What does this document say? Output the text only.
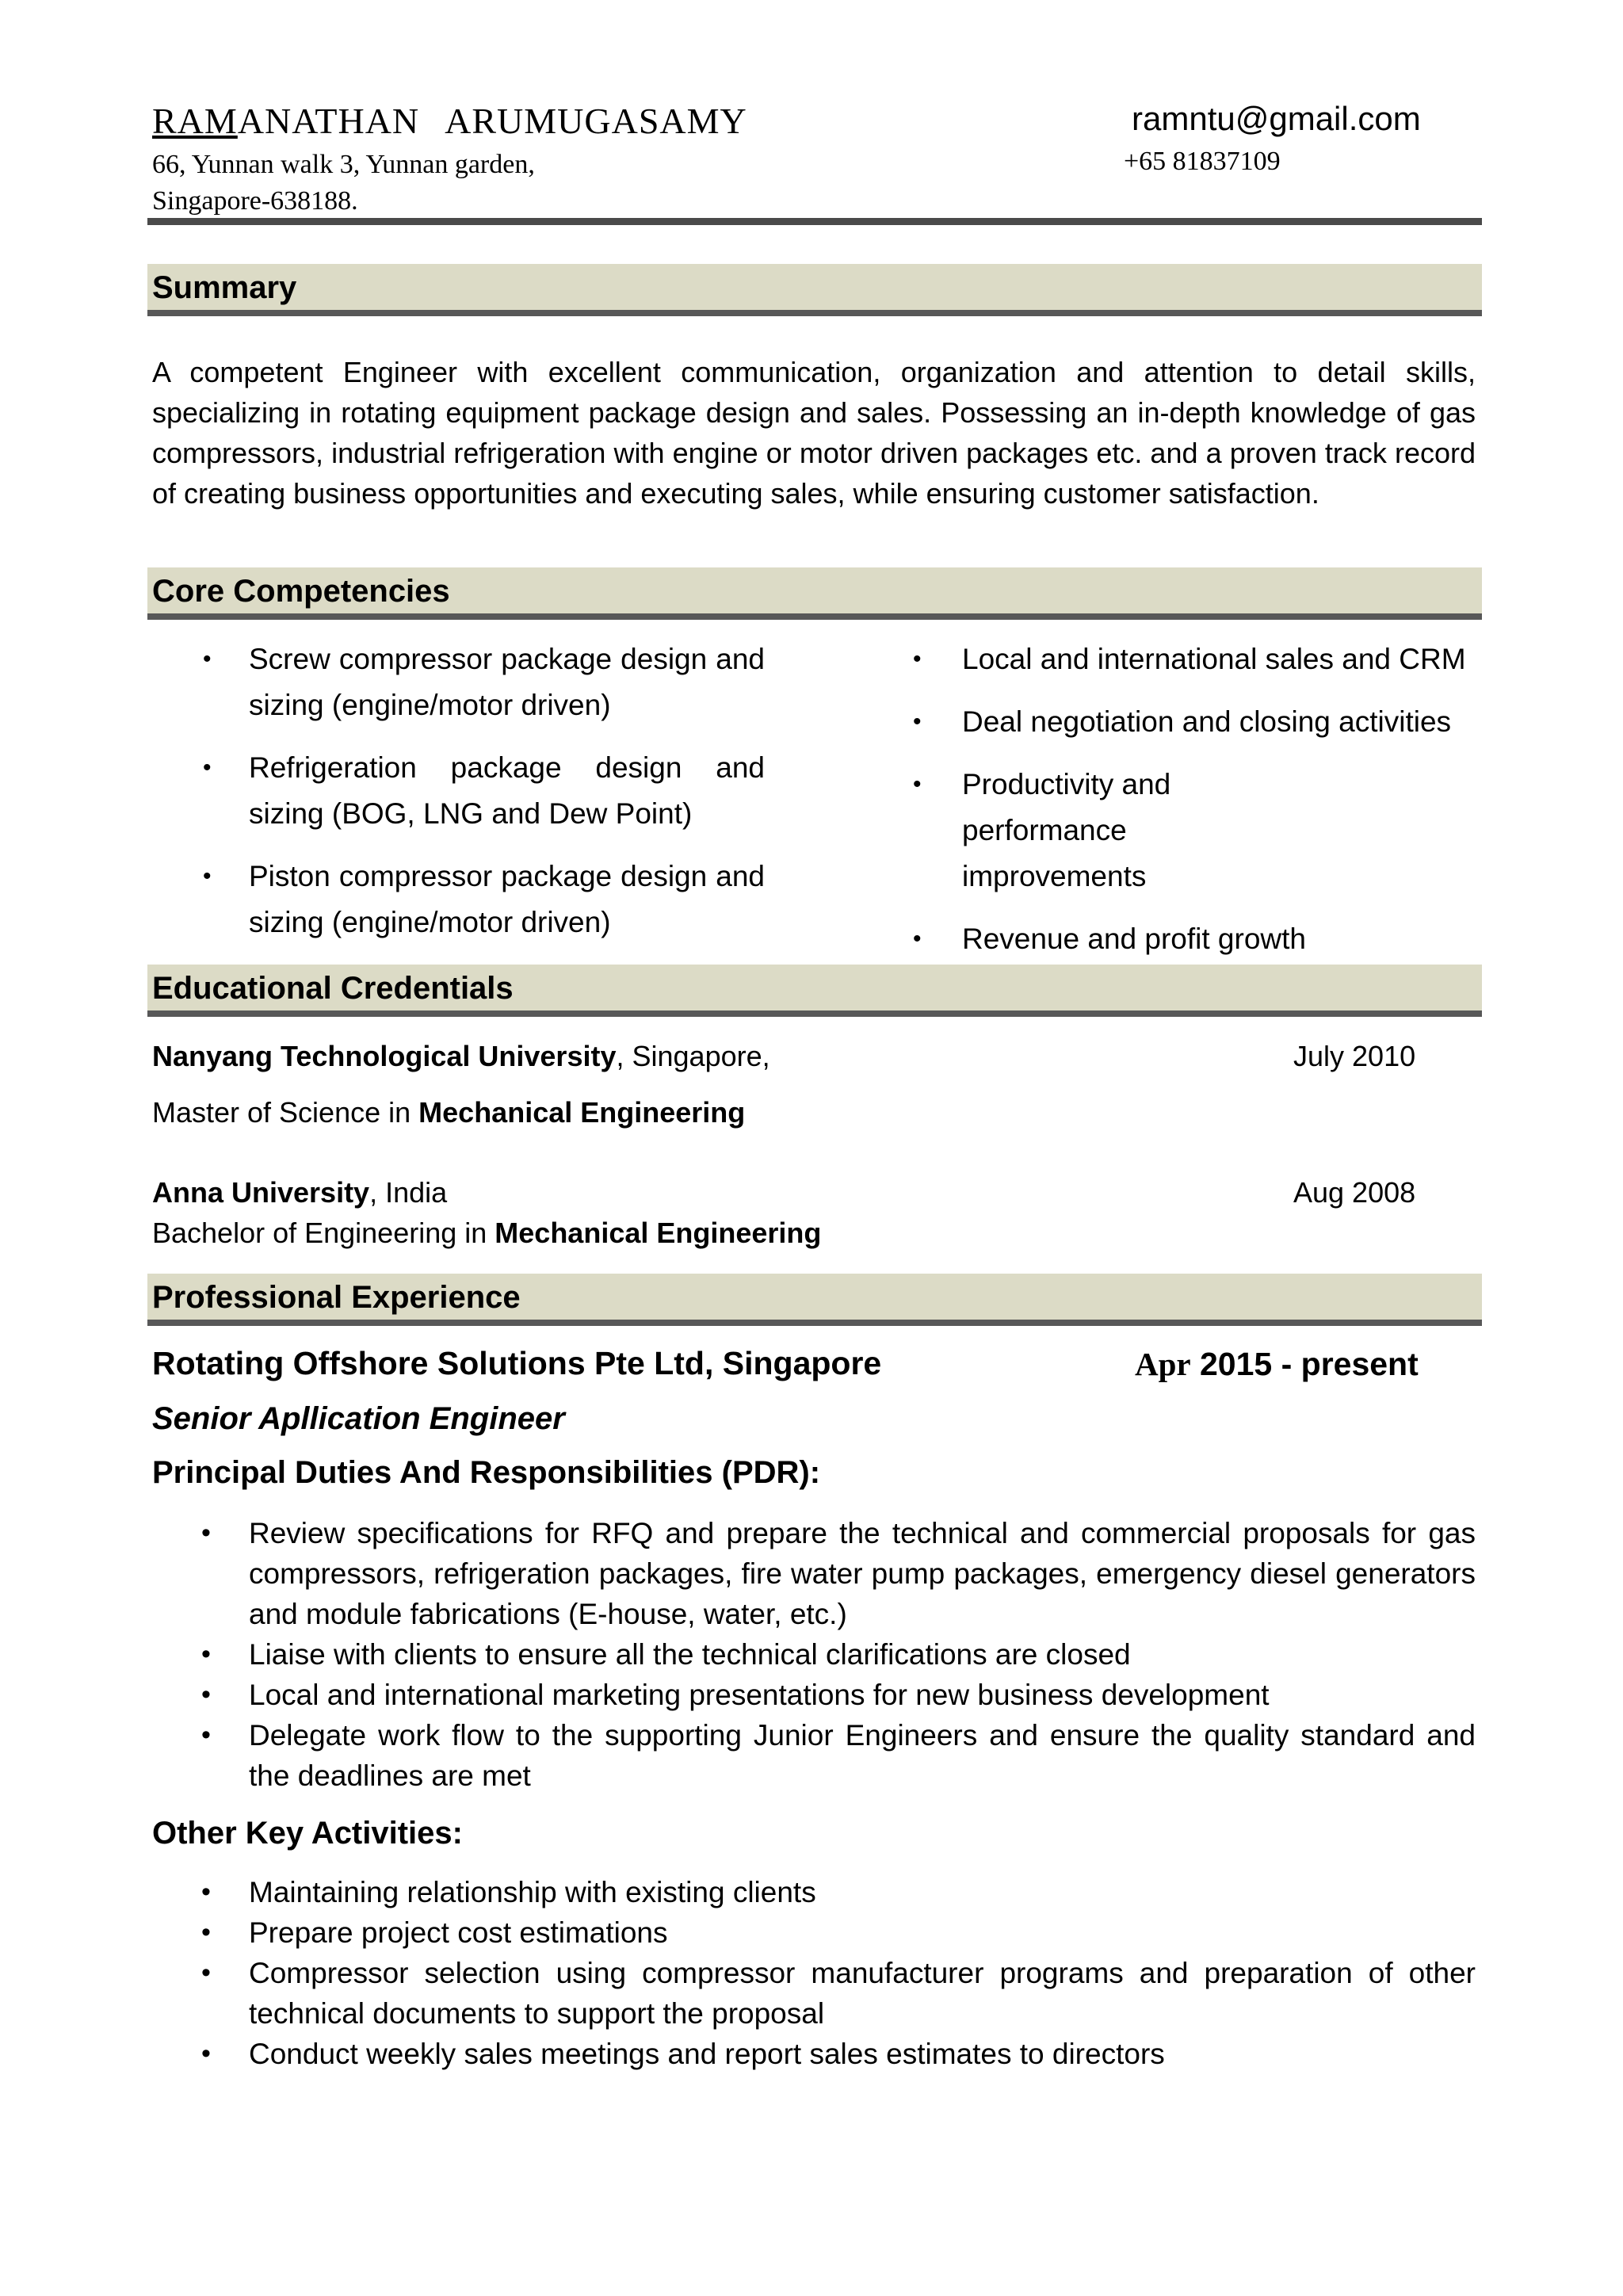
RAMANATHAN ARUMUGASAMY	ramntu@gmail.com
66, Yunnan walk 3, Yunnan garden,
Singapore-638188.
+65 81837109
Summary
A competent Engineer with excellent communication, organization and attention to detail skills, specializing in rotating equipment package design and sales. Possessing an in-depth knowledge of gas compressors, industrial refrigeration with engine or motor driven packages etc. and a proven track record of creating business opportunities and executing sales, while ensuring customer satisfaction.
Core Competencies
• Screw compressor package design and sizing (engine/motor driven)
• Refrigeration package design and sizing (BOG, LNG and Dew Point)
• Piston compressor package design and sizing (engine/motor driven)
• Local and international sales and CRM
• Deal negotiation and closing activities
• Productivity and performance improvements
• Revenue and profit growth
Educational Credentials
Nanyang Technological University, Singapore,	July 2010
Master of Science in Mechanical Engineering
Anna University, India	Aug 2008
Bachelor of Engineering in Mechanical Engineering
Professional Experience
Rotating Offshore Solutions Pte Ltd, Singapore	Apr 2015 - present
Senior Apllication Engineer
Principal Duties And Responsibilities (PDR):
• Review specifications for RFQ and prepare the technical and commercial proposals for gas compressors, refrigeration packages, fire water pump packages, emergency diesel generators and module fabrications (E-house, water, etc.)
• Liaise with clients to ensure all the technical clarifications are closed
• Local and international marketing presentations for new business development
• Delegate work flow to the supporting Junior Engineers and ensure the quality standard and the deadlines are met
Other Key Activities:
• Maintaining relationship with existing clients
• Prepare project cost estimations
• Compressor selection using compressor manufacturer programs and preparation of other technical documents to support the proposal
• Conduct weekly sales meetings and report sales estimates to directors
